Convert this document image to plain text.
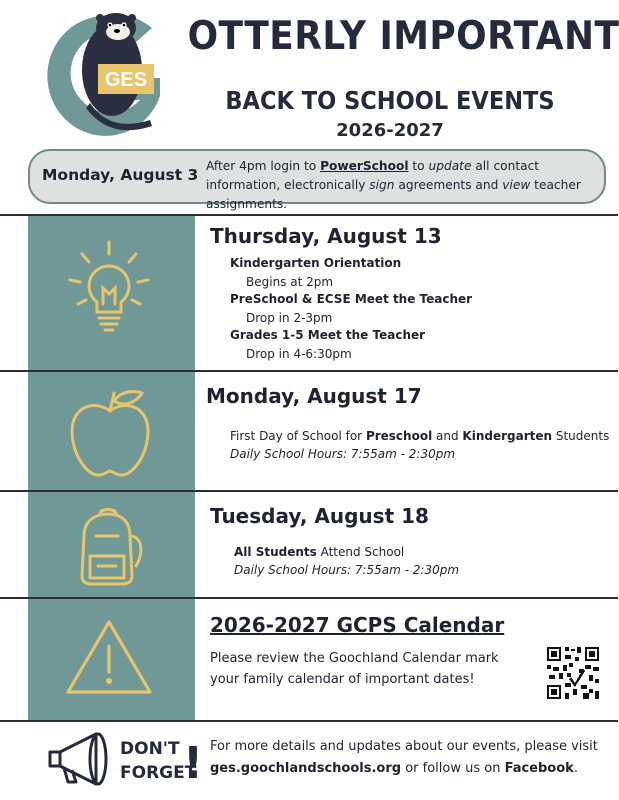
GES
OTTERLY IMPORTANT
BACK TO SCHOOL EVENTS
2026-2027
Monday, August 3 After 4pm login to PowerSchool to update all contact information, electronically sign agreements and view teacher assignments.
Thursday, August 13
Kindergarten Orientation
Begins at 2pm
PreSchool & ECSE Meet the Teacher
Drop in 2-3pm
Grades 1-5 Meet the Teacher
Drop in 4-6:30pm
Monday, August 17
First Day of School for Preschool and Kindergarten Students
Daily School Hours: 7:55am - 2:30pm
Tuesday, August 18
All Students Attend School
Daily School Hours: 7:55am - 2:30pm
2026-2027 GCPS Calendar
Please review the Goochland Calendar mark your family calendar of important dates!
DON'T
FORGET
! For more details and updates about our events, please visit ges.goochlandschools.org or follow us on Facebook.
